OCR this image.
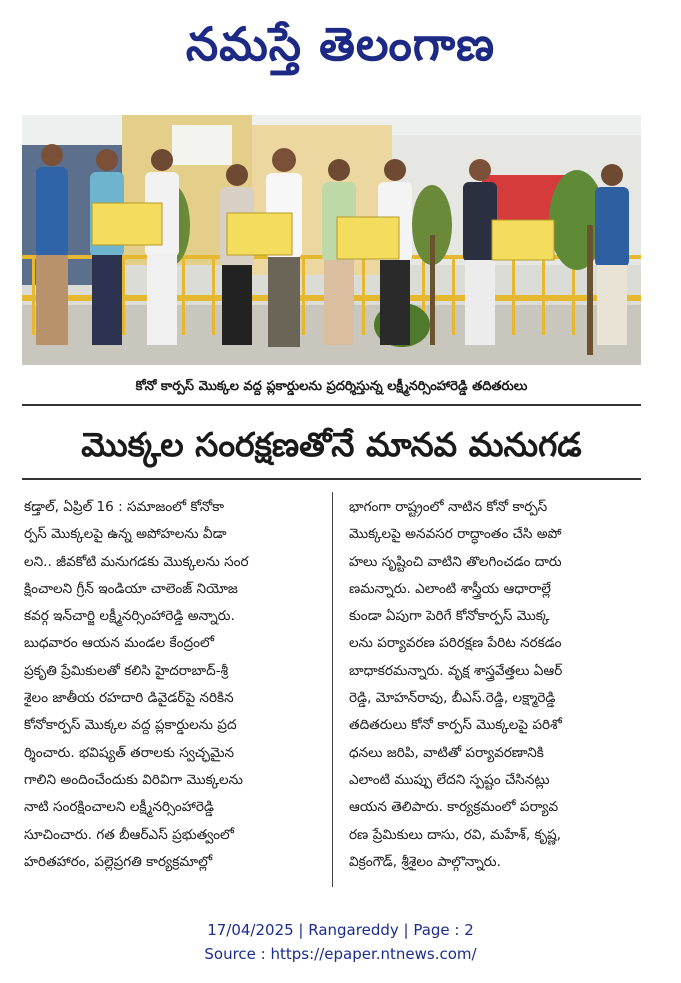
నమస్తే తెలంగాణ
కోనో కార్పస్ మొక్కల వద్ద ప్లకార్డులను ప్రదర్శిస్తున్న లక్ష్మీనర్సింహారెడ్డి తదితరులు
మొక్కల సంరక్షణతోనే మానవ మనుగడ
కడ్తాల్, ఏప్రిల్ 16 : సమాజంలో కోనోకా
ర్పస్ మొక్కలపై ఉన్న అపోహలను వీడా
లని.. జీవకోటి మనుగడకు మొక్కలను సంర
క్షించాలని గ్రీన్ ఇండియా చాలెంజ్ నియోజ
కవర్గ ఇన్‌చార్జి లక్ష్మీనర్సింహారెడ్డి అన్నారు.
బుధవారం ఆయన మండల కేంద్రంలో
ప్రకృతి ప్రేమికులతో కలిసి హైదరాబాద్-శ్రీ
శైలం జాతీయ రహదారి డివైడర్‌పై నరికిన
కోనోకార్పస్ మొక్కల వద్ద ప్లకార్డులను ప్రద
ర్శించారు. భవిష్యత్ తరాలకు స్వచ్ఛమైన
గాలిని అందించేందుకు విరివిగా మొక్కలను
నాటి సంరక్షించాలని లక్ష్మీనర్సింహారెడ్డి
సూచించారు. గత బీఆర్‌ఎస్ ప్రభుత్వంలో
హరితహారం, పల్లెప్రగతి కార్యక్రమాల్లో
భాగంగా రాష్ట్రంలో నాటిన కోనో కార్పస్
మొక్కలపై అనవసర రాద్ధాంతం చేసి అపో
హలు సృష్టించి వాటిని తొలగించడం దారు
ణమన్నారు. ఎలాంటి శాస్త్రీయ ఆధారాల్లే
కుండా ఏపుగా పెరిగే కోనోకార్పస్ మొక్క
లను పర్యావరణ పరిరక్షణ పేరిట నరకడం
బాధాకరమన్నారు. వృక్ష శాస్త్రవేత్తలు ఏఆర్
రెడ్డి, మోహన్‌రావు, బీఎస్.రెడ్డి, లక్ష్మారెడ్డి
తదితరులు కోనో కార్పస్ మొక్కలపై పరిశో
ధనలు జరిపి, వాటితో పర్యావరణానికి
ఎలాంటి ముప్పు లేదని స్పష్టం చేసినట్లు
ఆయన తెలిపారు. కార్యక్రమంలో పర్యావ
రణ ప్రేమికులు దాసు, రవి, మహేశ్, కృష్ణ,
విక్రంగౌడ్, శ్రీశైలం పాల్గొన్నారు.
17/04/2025 | Rangareddy | Page : 2
Source : https://epaper.ntnews.com/
